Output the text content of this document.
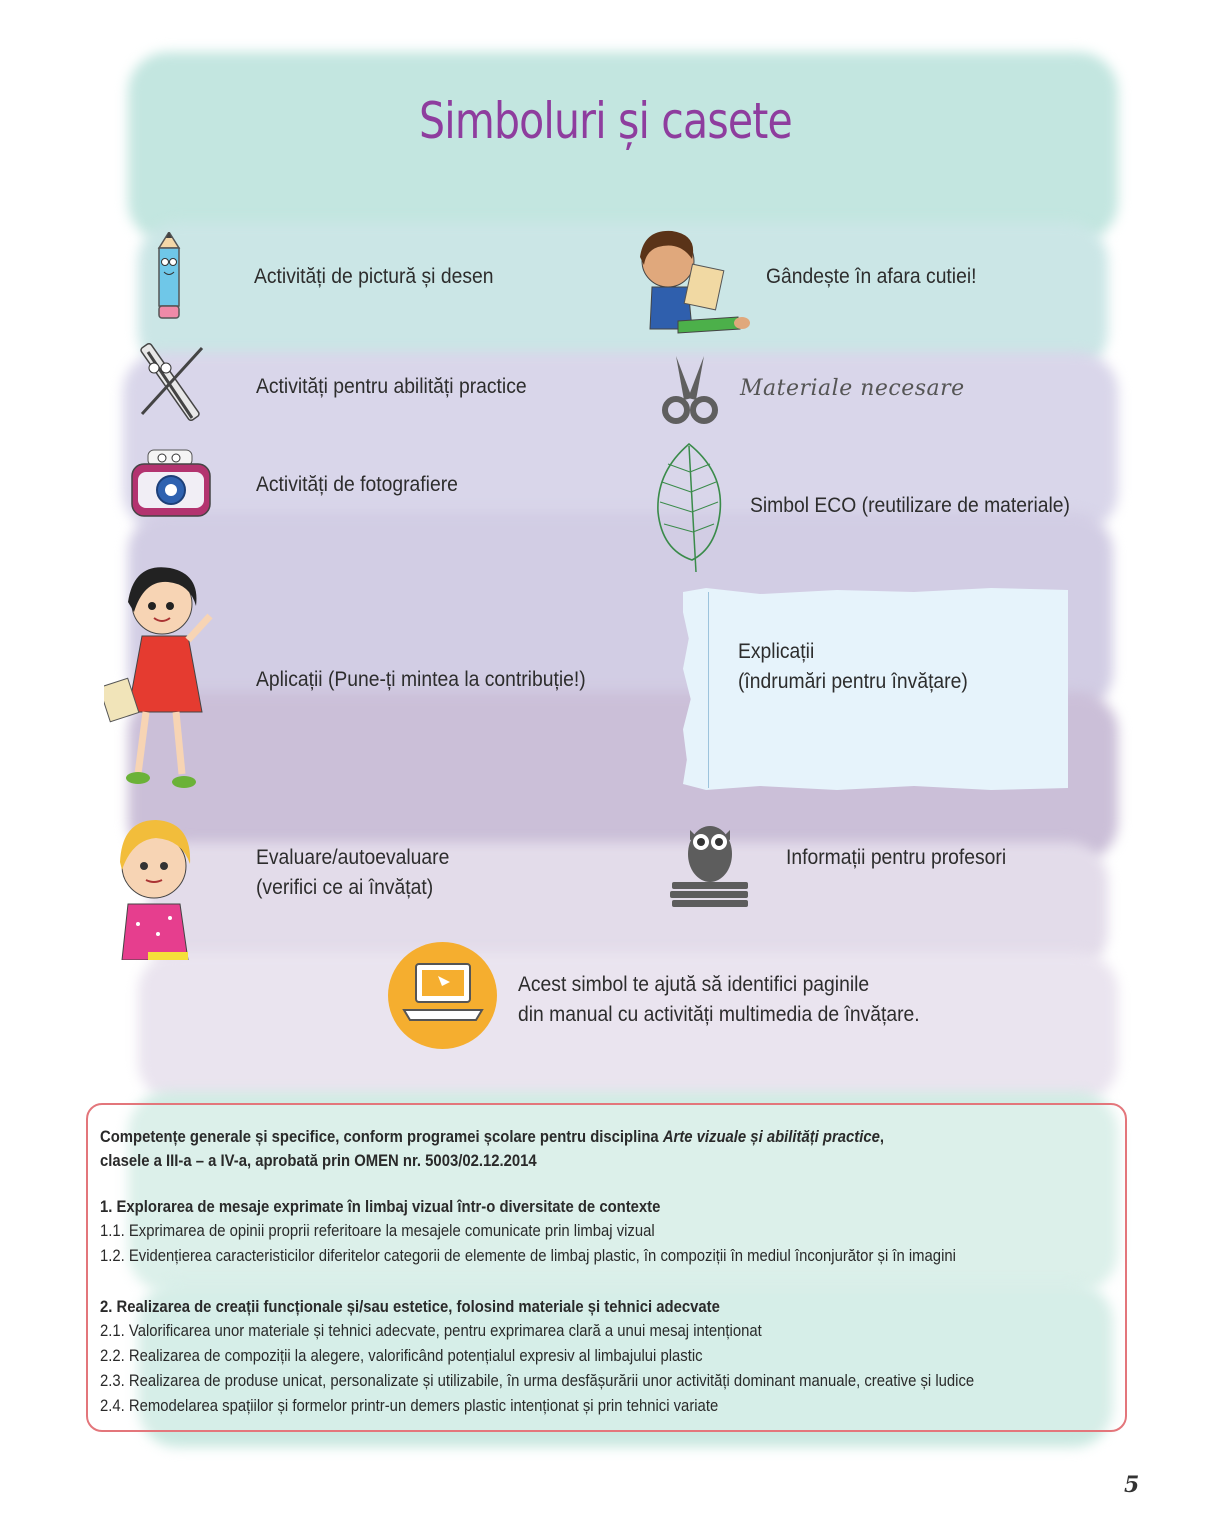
Simboluri și casete
Activități de pictură și desen
Activități pentru abilități practice
Activități de fotografiere
Aplicații (Pune-ți mintea la contribuție!)
Evaluare/autoevaluare
(verifici ce ai învățat)
Gândește în afara cutiei!
Materiale necesare
Simbol ECO (reutilizare de materiale)
Explicații
(îndrumări pentru învățare)
Informații pentru profesori
Acest simbol te ajută să identifici paginile
din manual cu activități multimedia de învățare.
Competențe generale și specifice, conform programei școlare pentru disciplina Arte vizuale și abilități practice,
clasele a III-a – a IV-a, aprobată prin OMEN nr. 5003/02.12.2014
1. Explorarea de mesaje exprimate în limbaj vizual într-o diversitate de contexte
1.1. Exprimarea de opinii proprii referitoare la mesajele comunicate prin limbaj vizual
1.2. Evidențierea caracteristicilor diferitelor categorii de elemente de limbaj plastic, în compoziții în mediul înconjurător și în imagini
2. Realizarea de creații funcționale și/sau estetice, folosind materiale și tehnici adecvate
2.1. Valorificarea unor materiale și tehnici adecvate, pentru exprimarea clară a unui mesaj intenționat
2.2. Realizarea de compoziții la alegere, valorificând potențialul expresiv al limbajului plastic
2.3. Realizarea de produse unicat, personalizate și utilizabile, în urma desfășurării unor activități dominant manuale, creative și ludice
2.4. Remodelarea spațiilor și formelor printr-un demers plastic intenționat și prin tehnici variate
5
